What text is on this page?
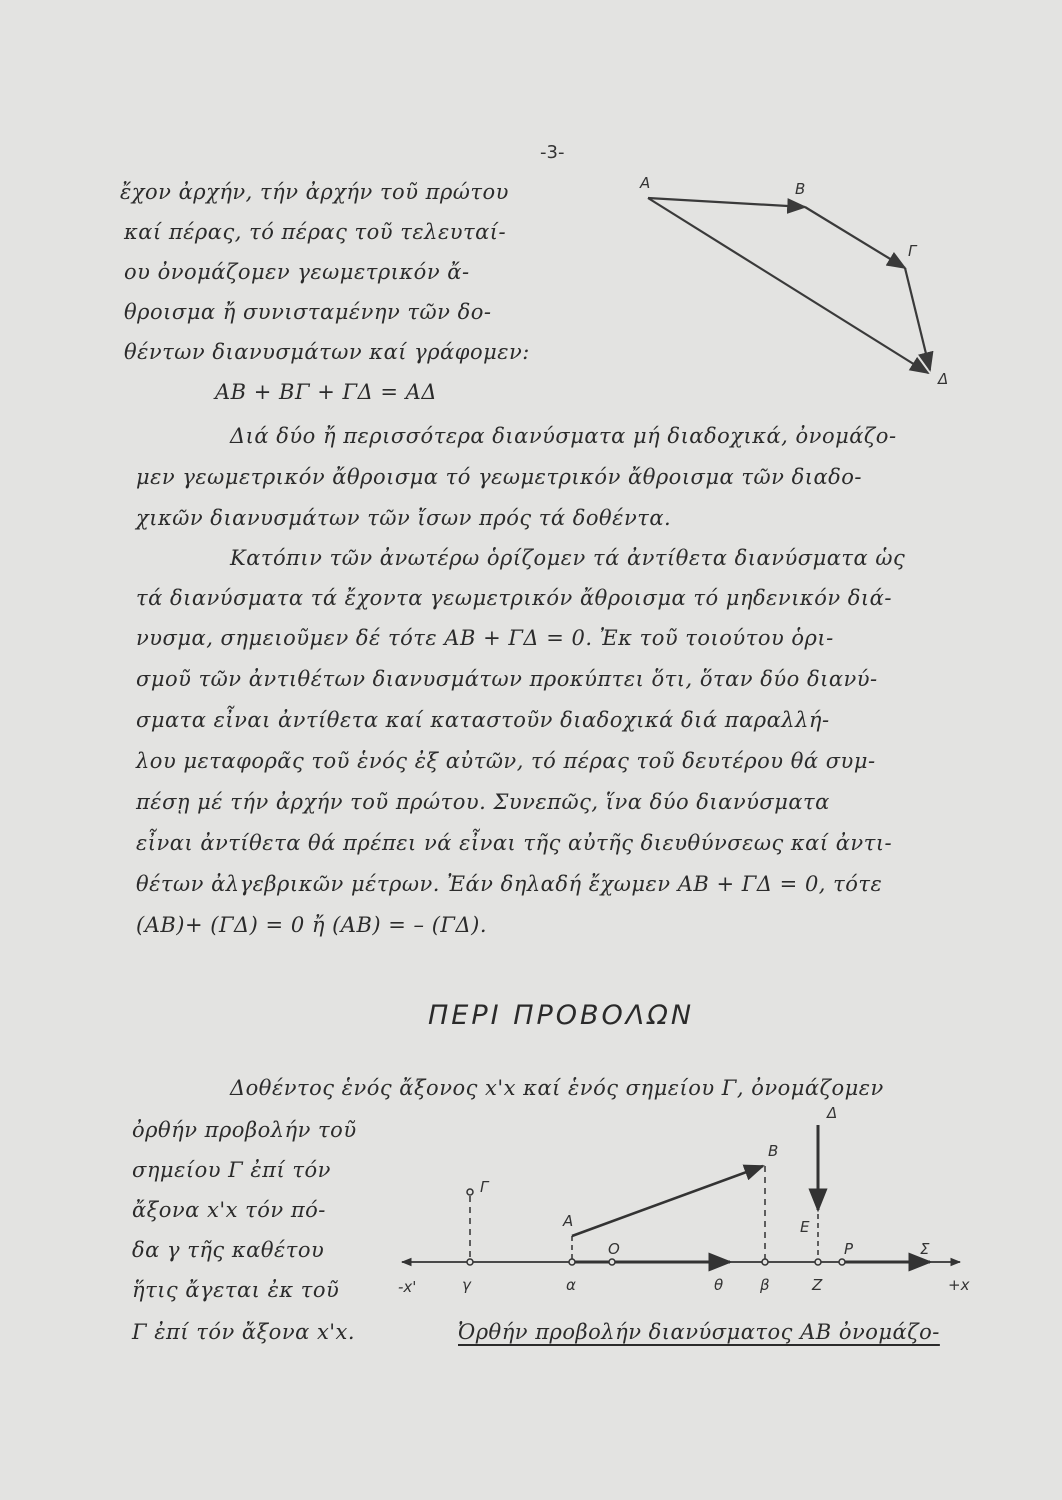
-3-
ἔχον ἀρχήν, τήν ἀρχήν τοῦ πρώτου
καί πέρας, τό πέρας τοῦ τελευταί-
ου ὀνομάζομεν γεωμετρικόν ἄ-
θροισμα ἤ συνισταμένην τῶν δο-
θέντων διανυσμάτων καί γράφομεν:
AB + BΓ + ΓΔ = AΔ
A	B
Γ
Δ
Διά δύο ἤ περισσότερα διανύσματα μή διαδοχικά, ὀνομάζο-
μεν γεωμετρικόν ἄθροισμα τό γεωμετρικόν ἄθροισμα τῶν διαδο-
χικῶν διανυσμάτων τῶν ἴσων πρός τά δοθέντα.
Κατόπιν τῶν ἀνωτέρω ὁρίζομεν τά ἀντίθετα διανύσματα ὡς
τά διανύσματα τά ἔχοντα γεωμετρικόν ἄθροισμα τό μηδενικόν διά-
νυσμα, σημειοῦμεν δέ τότε AB + ΓΔ = 0. Ἐκ τοῦ τοιούτου ὁρι-
σμοῦ τῶν ἀντιθέτων διανυσμάτων προκύπτει ὅτι, ὅταν δύο διανύ-
σματα εἶναι ἀντίθετα καί καταστοῦν διαδοχικά διά παραλλή-
λου μεταφορᾶς τοῦ ἑνός ἐξ αὐτῶν, τό πέρας τοῦ δευτέρου θά συμ-
πέσῃ μέ τήν ἀρχήν τοῦ πρώτου. Συνεπῶς, ἵνα δύο διανύσματα
εἶναι ἀντίθετα θά πρέπει νά εἶναι τῆς αὐτῆς διευθύνσεως καί ἀντι-
θέτων ἀλγεβρικῶν μέτρων. Ἐάν δηλαδή ἔχωμεν AB + ΓΔ = 0, τότε
(AB)+ (ΓΔ) = 0 ἤ (AB) = – (ΓΔ).
ΠΕΡΙ ΠΡΟΒΟΛΩΝ
Δοθέντος ἑνός ἄξονος x'x καί ἑνός σημείου Γ, ὀνομάζομεν
ὀρθήν προβολήν τοῦ
σημείου Γ ἐπί τόν
ἄξονα x'x τόν πό-
δα γ τῆς καθέτου
ἥτις ἄγεται ἐκ τοῦ
Γ ἐπί τόν ἄξονα x'x.	Ὀρθήν προβολήν διανύσματος AB ὀνομάζο-
-x'	+x
Γ
γ
A
α
O
θ
B
β
Δ
E
Z
P	Σ
